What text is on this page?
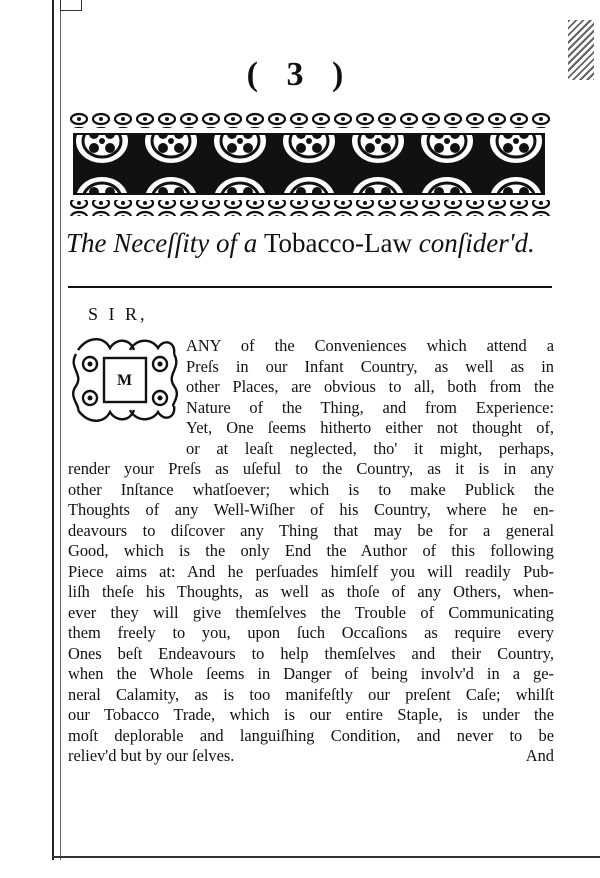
( 3 )
The Neceſſity of a Tobacco-Law conſider'd.
S I R,
M
ANY of the Conveniences which attend a
Preſs in our Infant Country, as well as in
other Places, are obvious to all, both from the
Nature of the Thing, and from Experience:
Yet, One ſeems hitherto either not thought of,
or at leaſt neglected, tho' it might, perhaps,
render your Preſs as uſeful to the Country, as it is in any
other Inſtance whatſoever; which is to make Publick the
Thoughts of any Well-Wiſher of his Country, where he en-
deavours to diſcover any Thing that may be for a general
Good, which is the only End the Author of this following
Piece aims at: And he perſuades himſelf you will readily Pub-
liſh theſe his Thoughts, as well as thoſe of any Others, when-
ever they will give themſelves the Trouble of Communicating
them freely to you, upon ſuch Occaſions as require every
Ones beſt Endeavours to help themſelves and their Country,
when the Whole ſeems in Danger of being involv'd in a ge-
neral Calamity, as is too manifeſtly our preſent Caſe; whilſt
our Tobacco Trade, which is our entire Staple, is under the
moſt deplorable and languiſhing Condition, and never to be
reliev'd but by our ſelves.	And
